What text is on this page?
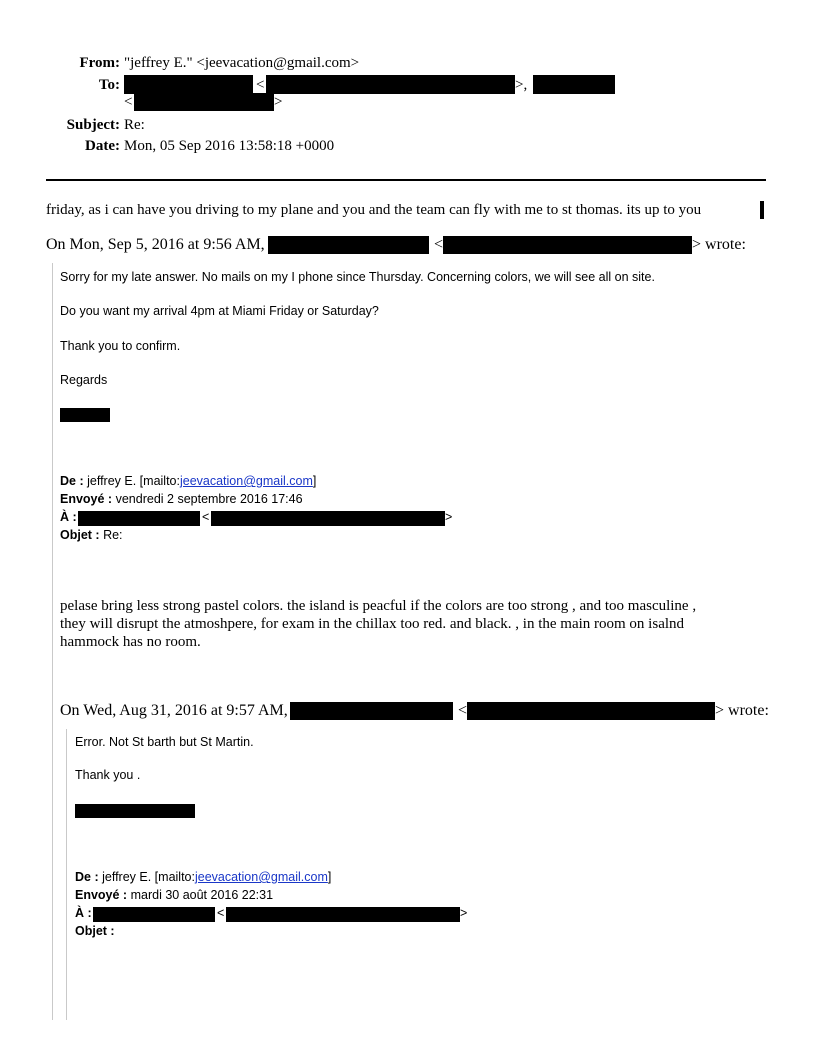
From: "jeffrey E." <jeevacation@gmail.com>
To:	<	>,
<	>
Subject: Re:
Date: Mon, 05 Sep 2016 13:58:18 +0000
friday, as i can have you driving to my plane and you and the team can fly with me to st thomas. its up to you
On Mon, Sep 5, 2016 at 9:56 AM,	<	> wrote:
Sorry for my late answer. No mails on my I phone since Thursday. Concerning colors, we will see all on site.
Do you want my arrival 4pm at Miami Friday or Saturday?
Thank you to confirm.
Regards
De : jeffrey E. [mailto:jeevacation@gmail.com]
Envoyé : vendredi 2 septembre 2016 17:46
À :	<	>
Objet : Re:
pelase bring less strong pastel colors. the island is peacful if the colors are too strong , and too masculine ,
they will disrupt the atmoshpere, for exam in the chillax too red. and black. , in the main room on isalnd
hammock has no room.
On Wed, Aug 31, 2016 at 9:57 AM,	<	> wrote:
Error. Not St barth but St Martin.
Thank you .
De : jeffrey E. [mailto:jeevacation@gmail.com]
Envoyé : mardi 30 août 2016 22:31
À :	<	>
Objet :
